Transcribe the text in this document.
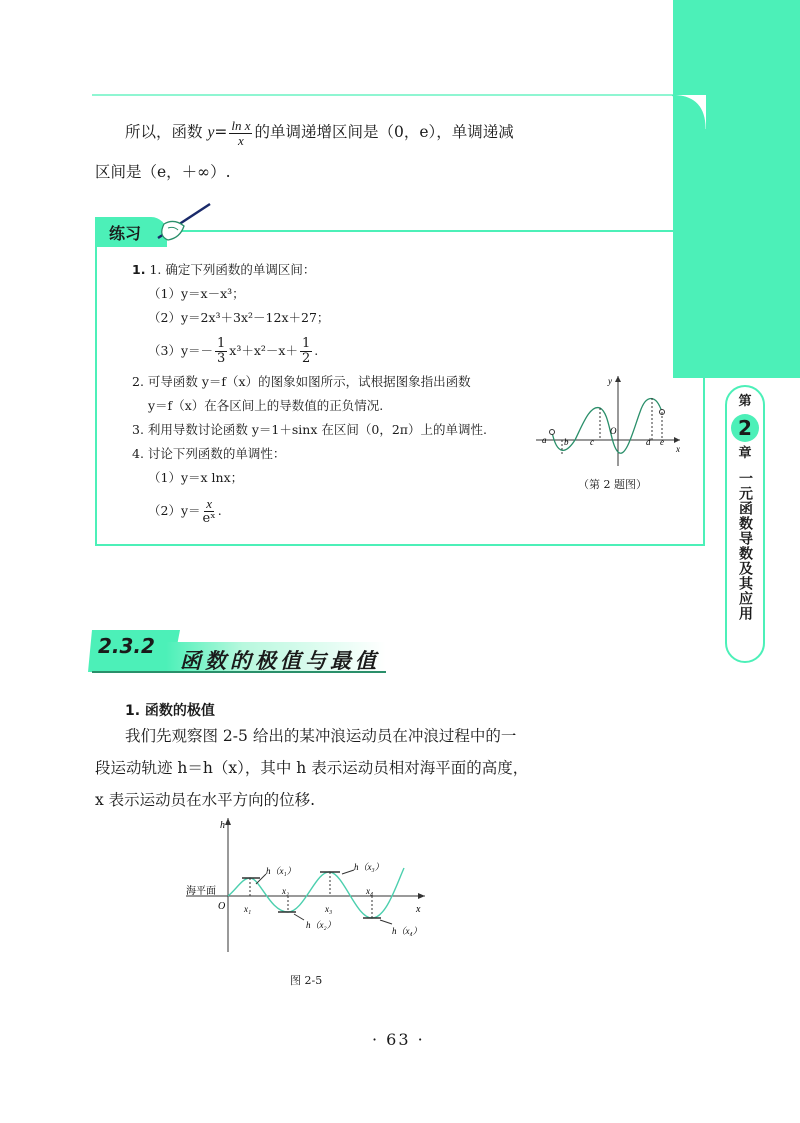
所以，函数 $y= \frac{\text{ln x}}{x}$ 的单调递增区间是（0，e），单调递减
区间是（e，＋∞）.
练习
1. 1. 确定下列函数的单调区间：
（1）y＝x－x³；
（2）y＝2x³＋3x²－12x＋27；
$(3)y=- \frac{1}{3} x^3+x^2-x+ \frac{1}{2}$ .
2. 可导函数 y＝f（x）的图象如图所示，试根据图象指出函数
y＝f（x）在各区间上的导数值的正负情况.
3. 利用导数讨论函数 y＝1＋sinx 在区间（0，2π）上的单调性.
4. 讨论下列函数的单调性：
（1）y＝x lnx；
$(2)y= \frac{x}{\text{eˣ}}$ .
y
x
O
a b c	d e
（第 2 题图）
第
2
章
一元函数导数及其应用
2.3.2
函数的极值与最值
1. 函数的极值
我们先观察图 2-5 给出的某冲浪运动员在冲浪过程中的一
段运动轨迹 h＝h（x），其中 h 表示运动员相对海平面的高度，
x 表示运动员在水平方向的位移.
h
x
O
海平面
x₁
x₂
x₃
x₄
h（x₁）
h（x₂）
h（x₃）
h（x₄）
图 2-5
· 63 ·
